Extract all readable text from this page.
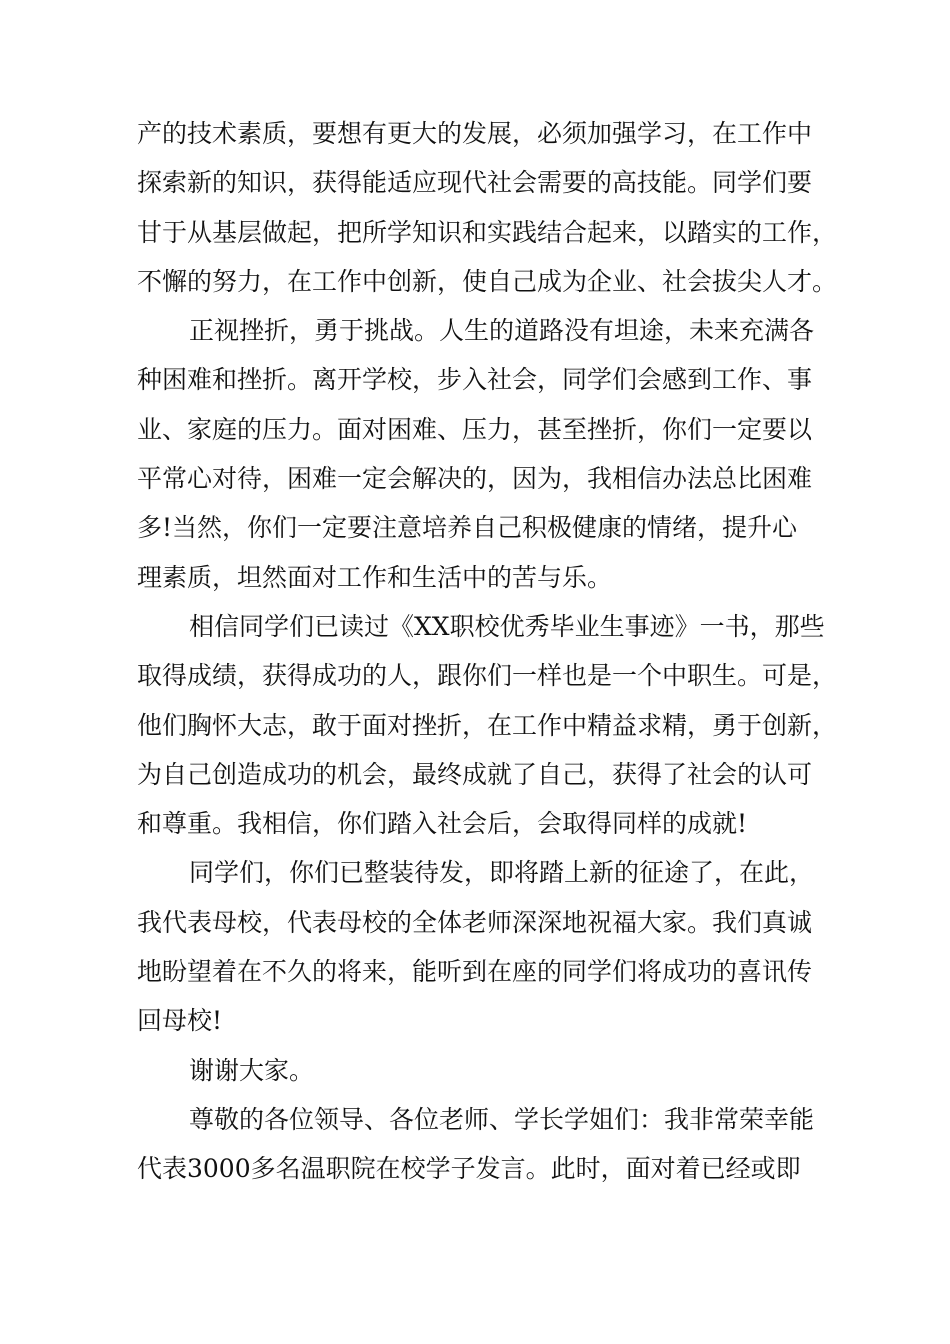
产的技术素质，要想有更大的发展，必须加强学习，在工作中
探索新的知识，获得能适应现代社会需要的高技能。同学们要
甘于从基层做起，把所学知识和实践结合起来，以踏实的工作，
不懈的努力，在工作中创新，使自己成为企业、社会拔尖人才。
正视挫折，勇于挑战。人生的道路没有坦途，未来充满各
种困难和挫折。离开学校，步入社会，同学们会感到工作、事
业、家庭的压力。面对困难、压力，甚至挫折，你们一定要以
平常心对待，困难一定会解决的，因为，我相信办法总比困难
多!当然，你们一定要注意培养自己积极健康的情绪，提升心
理素质，坦然面对工作和生活中的苦与乐。
相信同学们已读过《XX职校优秀毕业生事迹》一书，那些
取得成绩，获得成功的人，跟你们一样也是一个中职生。可是，
他们胸怀大志，敢于面对挫折，在工作中精益求精，勇于创新，
为自己创造成功的机会，最终成就了自己，获得了社会的认可
和尊重。我相信，你们踏入社会后，会取得同样的成就!
同学们，你们已整装待发，即将踏上新的征途了，在此，
我代表母校，代表母校的全体老师深深地祝福大家。我们真诚
地盼望着在不久的将来，能听到在座的同学们将成功的喜讯传
回母校!
谢谢大家。
尊敬的各位领导、各位老师、学长学姐们：我非常荣幸能
代表3000多名温职院在校学子发言。此时，面对着已经或即
